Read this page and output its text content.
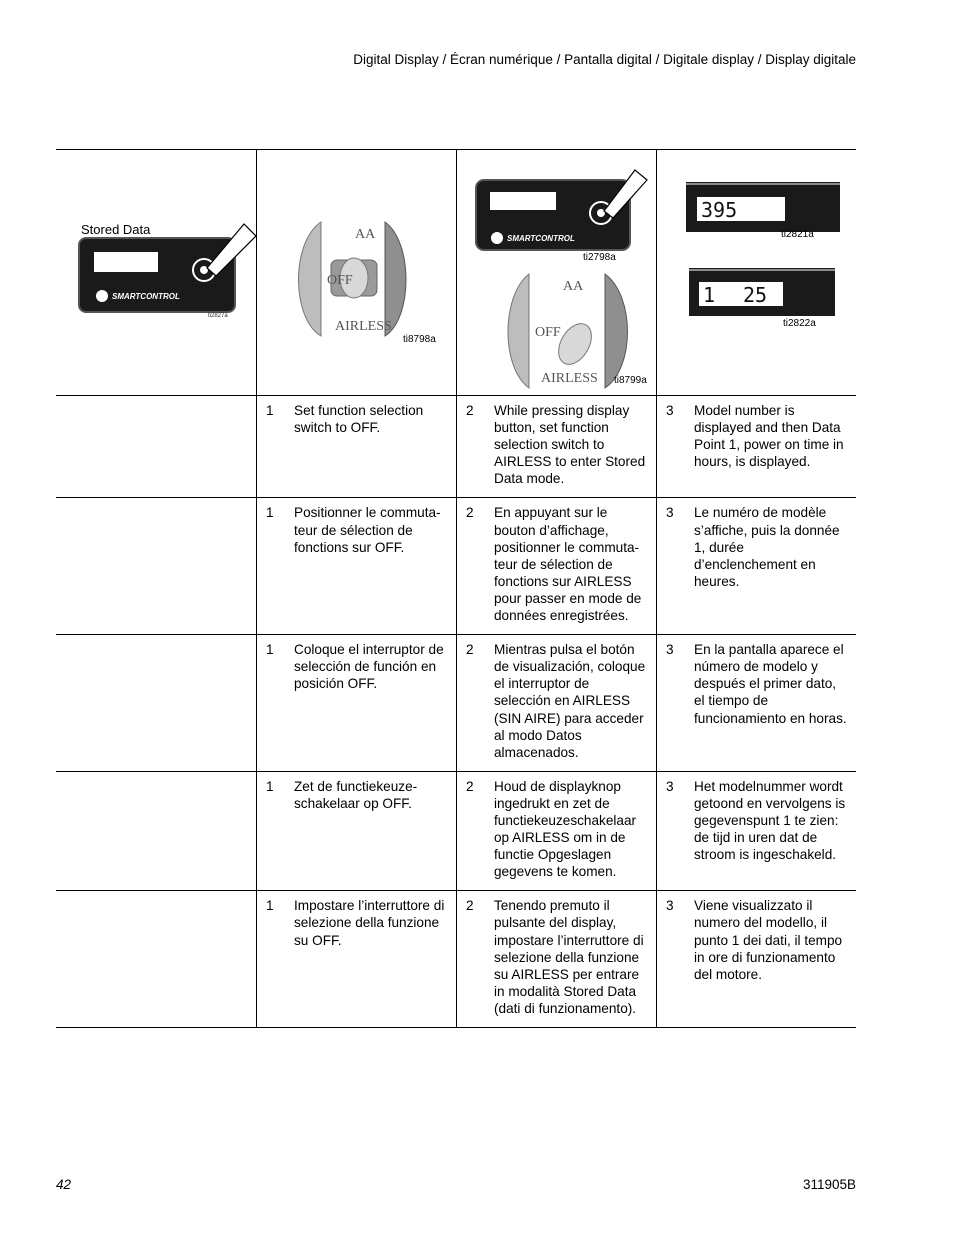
Digital Display / Écran numérique / Pantalla digital / Digitale display / Display digitale
Stored Data
SMARTCONTROL
ti2827a
AA
OFF
AIRLESS
ti8798a
SMARTCONTROL
ti2798a
AA
OFF
AIRLESS ti8799a
395
ti2821a
1 25
ti2822a
1	Set function selection switch to OFF.
2	While pressing display button, set function selection switch to AIRLESS to enter Stored Data mode.
3	Model number is displayed and then Data Point 1, power on time in hours, is displayed.
1	Positionner le commuta-teur de sélection de fonctions sur OFF.
2	En appuyant sur le bouton d’affichage, positionner le commuta-teur de sélection de fonctions sur AIRLESS pour passer en mode de données enregistrées.
3	Le numéro de modèle s’affiche, puis la donnée 1, durée d’enclenchement en heures.
1	Coloque el interruptor de selección de función en posición OFF.
2	Mientras pulsa el botón de visualización, coloque el interruptor de selección en AIRLESS (SIN AIRE) para acceder al modo Datos almacenados.
3	En la pantalla aparece el número de modelo y después el primer dato, el tiempo de funcionamiento en horas.
1	Zet de functiekeuze-schakelaar op OFF.
2	Houd de displayknop ingedrukt en zet de functiekeuzeschakelaar op AIRLESS om in de functie Opgeslagen gegevens te komen.
3	Het modelnummer wordt getoond en vervolgens is gegevenspunt 1 te zien: de tijd in uren dat de stroom is ingeschakeld.
1	Impostare l’interruttore di selezione della funzione su OFF.
2	Tenendo premuto il pulsante del display, impostare l’interruttore di selezione della funzione su AIRLESS per entrare in modalità Stored Data (dati di funzionamento).
3	Viene visualizzato il numero del modello, il punto 1 dei dati, il tempo in ore di funzionamento del motore.
42	311905B
